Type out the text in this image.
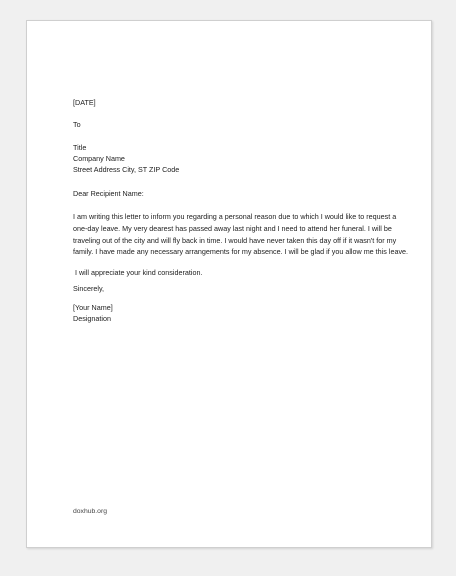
[DATE]
To
Title
Company Name
Street Address City, ST ZIP Code
Dear Recipient Name:
I am writing this letter to inform you regarding a personal reason due to which I would like to request a one-day leave. My very dearest has passed away last night and I need to attend her funeral. I will be traveling out of the city and will fly back in time. I would have never taken this day off if it wasn't for my family. I have made any necessary arrangements for my absence. I will be glad if you allow me this leave.
I will appreciate your kind consideration.
Sincerely,
[Your Name]
Designation
doxhub.org
